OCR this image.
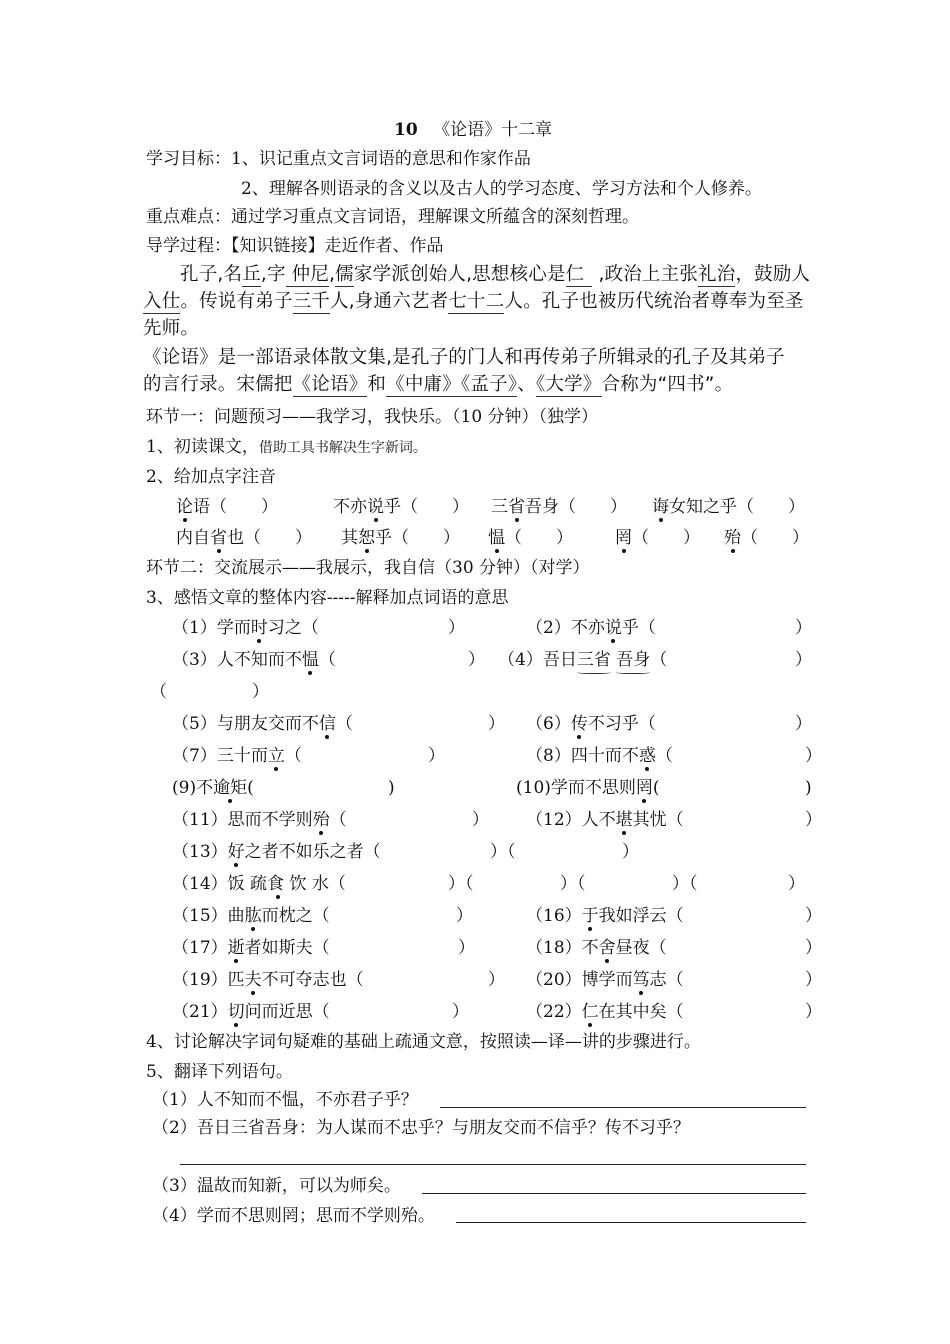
10 《论语》十二章
学习目标：1、识记重点文言词语的意思和作家作品
2、理解各则语录的含义以及古人的学习态度、学习方法和个人修养。
重点难点：通过学习重点文言词语，理解课文所蕴含的深刻哲理。
导学过程：【知识链接】走近作者、作品
孔子,名丘,字 仲尼,儒家学派创始人,思想核心是仁 ,政治上主张礼治，鼓励人
入仕。传说有弟子三千人,身通六艺者七十二人。孔子也被历代统治者尊奉为至圣
先师。
《论语》是一部语录体散文集,是孔子的门人和再传弟子所辑录的孔子及其弟子
的言行录。宋儒把《论语》和《中庸》《孟子》、《大学》合称为“四书”。
环节一：问题预习——我学习，我快乐。（10 分钟）（独学）
1、初读课文，借助工具书解决生字新词。
2、给加点字注音
论语（　　）	不亦说乎（　　） 三省吾身（　　） 诲女知之乎（　　）
内自省也（　　） 其恕乎（　　） 愠（　　） 罔（　　） 殆（　　）
环节二：交流展示——我展示，我自信（30 分钟）（对学）
3、感悟文章的整体内容-----解释加点词语的意思
（1）学而时习之（	）	（2）不亦说乎（	）
（3）人不知而不愠（	） （4）吾日三省 吾身（	）
（　　　　　）
（5）与朋友交而不信（	） （6）传不习乎（	）
（7）三十而立（	）	（8）四十而不惑（	）
(9)不逾矩(	)	(10)学而不思则罔(	)
（11）思而不学则殆（	） （12）人不堪其忧（	）
（13）好之者不如乐之者（	）（	）
（14）饭 疏食 饮 水（	）（	）（	）（	）
（15）曲肱而枕之（	）	（16）于我如浮云（	）
（17）逝者如斯夫（	）	（18）不舍昼夜（	）
（19）匹夫不可夺志也（	） （20）博学而笃志（	）
（21）切问而近思（	）	（22）仁在其中矣（	）
4、讨论解决字词句疑难的基础上疏通文意，按照读—译—讲的步骤进行。
5、翻译下列语句。
（1）人不知而不愠，不亦君子乎？
（2）吾日三省吾身：为人谋而不忠乎？与朋友交而不信乎？传不习乎？
（3）温故而知新，可以为师矣。
（4）学而不思则罔；思而不学则殆。
